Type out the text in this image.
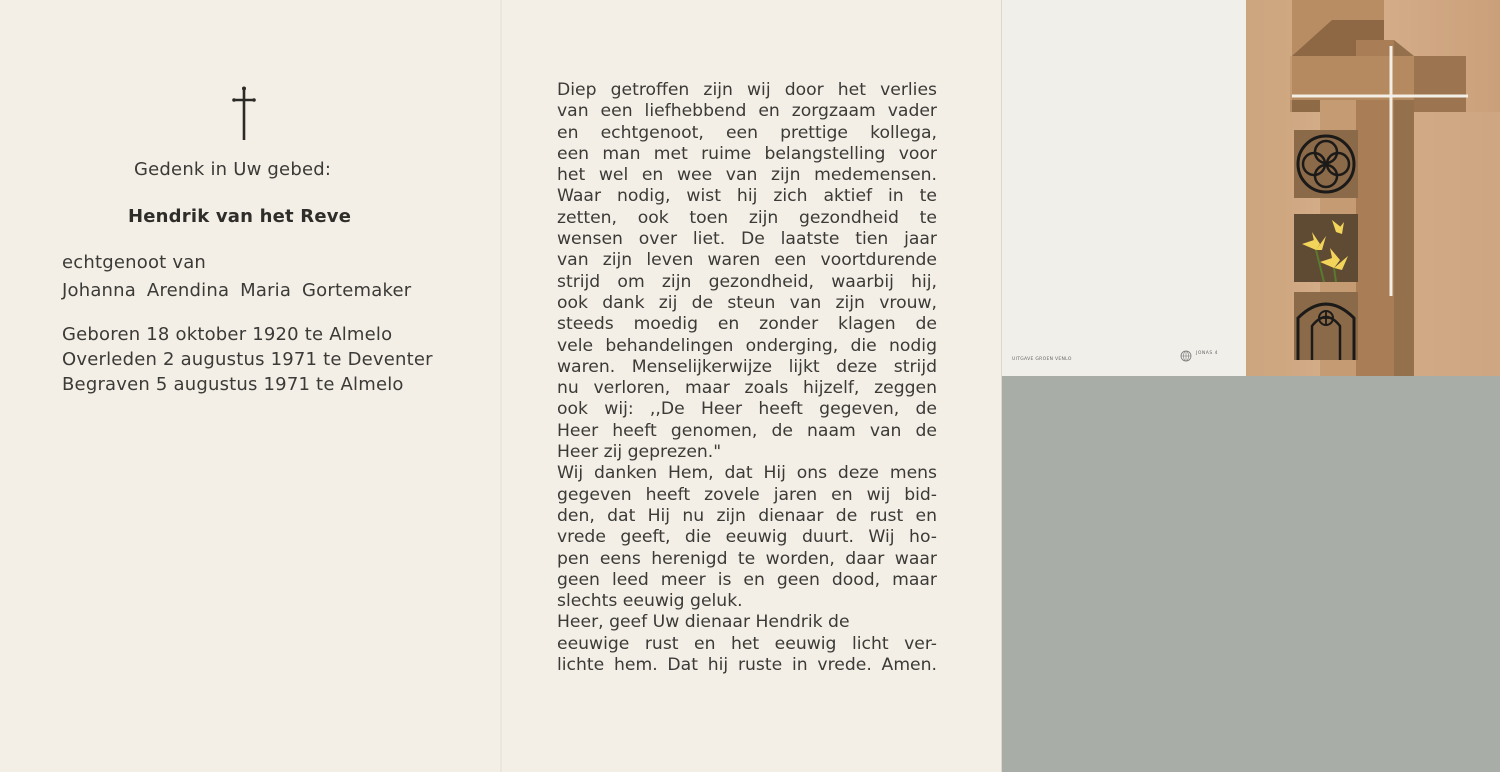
Gedenk in Uw gebed:
Hendrik van het Reve
echtgenoot van
Johanna Arendina Maria Gortemaker
Geboren 18 oktober 1920 te Almelo
Overleden 2 augustus 1971 te Deventer
Begraven 5 augustus 1971 te Almelo
Diep getroffen zijn wij door het verlies
van een liefhebbend en zorgzaam vader
en echtgenoot, een prettige kollega,
een man met ruime belangstelling voor
het wel en wee van zijn medemensen.
Waar nodig, wist hij zich aktief in te
zetten, ook toen zijn gezondheid te
wensen over liet. De laatste tien jaar
van zijn leven waren een voortdurende
strijd om zijn gezondheid, waarbij hij,
ook dank zij de steun van zijn vrouw,
steeds moedig en zonder klagen de
vele behandelingen onderging, die nodig
waren. Menselijkerwijze lijkt deze strijd
nu verloren, maar zoals hijzelf, zeggen
ook wij: ,,De Heer heeft gegeven, de
Heer heeft genomen, de naam van de
Heer zij geprezen."
Wij danken Hem, dat Hij ons deze mens
gegeven heeft zovele jaren en wij bid-
den, dat Hij nu zijn dienaar de rust en
vrede geeft, die eeuwig duurt. Wij ho-
pen eens herenigd te worden, daar waar
geen leed meer is en geen dood, maar
slechts eeuwig geluk.
Heer, geef Uw dienaar Hendrik de
eeuwige rust en het eeuwig licht ver-
lichte hem. Dat hij ruste in vrede. Amen.
UITGAVE GROEN VENLO
JONAS 4
